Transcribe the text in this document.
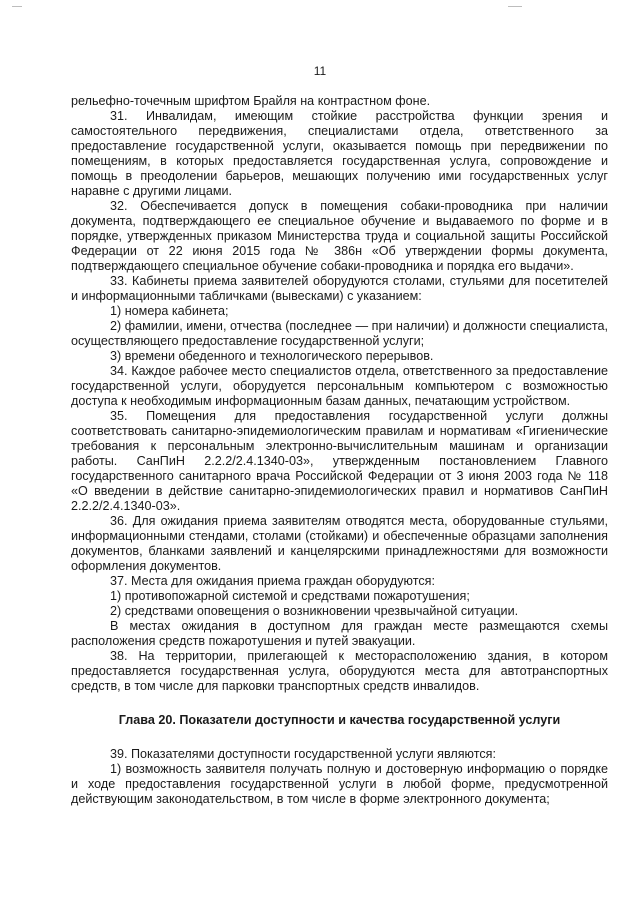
11

рельефно-точечным шрифтом Брайля на контрастном фоне.

31. Инвалидам, имеющим стойкие расстройства функции зрения и самостоятельного передвижения, специалистами отдела, ответственного за предоставление государственной услуги, оказывается помощь при передвижении по помещениям, в которых предоставляется государственная услуга, сопровождение и помощь в преодолении барьеров, мешающих получению ими государственных услуг наравне с другими лицами.

32. Обеспечивается допуск в помещения собаки-проводника при наличии документа, подтверждающего ее специальное обучение и выдаваемого по форме и в порядке, утвержденных приказом Министерства труда и социальной защиты Российской Федерации от 22 июня 2015 года № 386н «Об утверждении формы документа, подтверждающего специальное обучение собаки-проводника и порядка его выдачи».

33. Кабинеты приема заявителей оборудуются столами, стульями для посетителей и информационными табличками (вывесками) с указанием:

1) номера кабинета;

2) фамилии, имени, отчества (последнее — при наличии) и должности специалиста, осуществляющего предоставление государственной услуги;

3) времени обеденного и технологического перерывов.

34. Каждое рабочее место специалистов отдела, ответственного за предоставление государственной услуги, оборудуется персональным компьютером с возможностью доступа к необходимым информационным базам данных, печатающим устройством.

35. Помещения для предоставления государственной услуги должны соответствовать санитарно-эпидемиологическим правилам и нормативам «Гигиенические требования к персональным электронно-вычислительным машинам и организации работы. СанПиН 2.2.2/2.4.1340-03», утвержденным постановлением Главного государственного санитарного врача Российской Федерации от 3 июня 2003 года № 118 «О введении в действие санитарно-эпидемиологических правил и нормативов СанПиН 2.2.2/2.4.1340-03».

36. Для ожидания приема заявителям отводятся места, оборудованные стульями, информационными стендами, столами (стойками) и обеспеченные образцами заполнения документов, бланками заявлений и канцелярскими принадлежностями для возможности оформления документов.

37. Места для ожидания приема граждан оборудуются:

1) противопожарной системой и средствами пожаротушения;

2) средствами оповещения о возникновении чрезвычайной ситуации.

В местах ожидания в доступном для граждан месте размещаются схемы расположения средств пожаротушения и путей эвакуации.

38. На территории, прилегающей к месторасположению здания, в котором предоставляется государственная услуга, оборудуются места для автотранспортных средств, в том числе для парковки транспортных средств инвалидов.

Глава 20. Показатели доступности и качества государственной услуги

39. Показателями доступности государственной услуги являются:

1) возможность заявителя получать полную и достоверную информацию о порядке и ходе предоставления государственной услуги в любой форме, предусмотренной действующим законодательством, в том числе в форме электронного документа;
